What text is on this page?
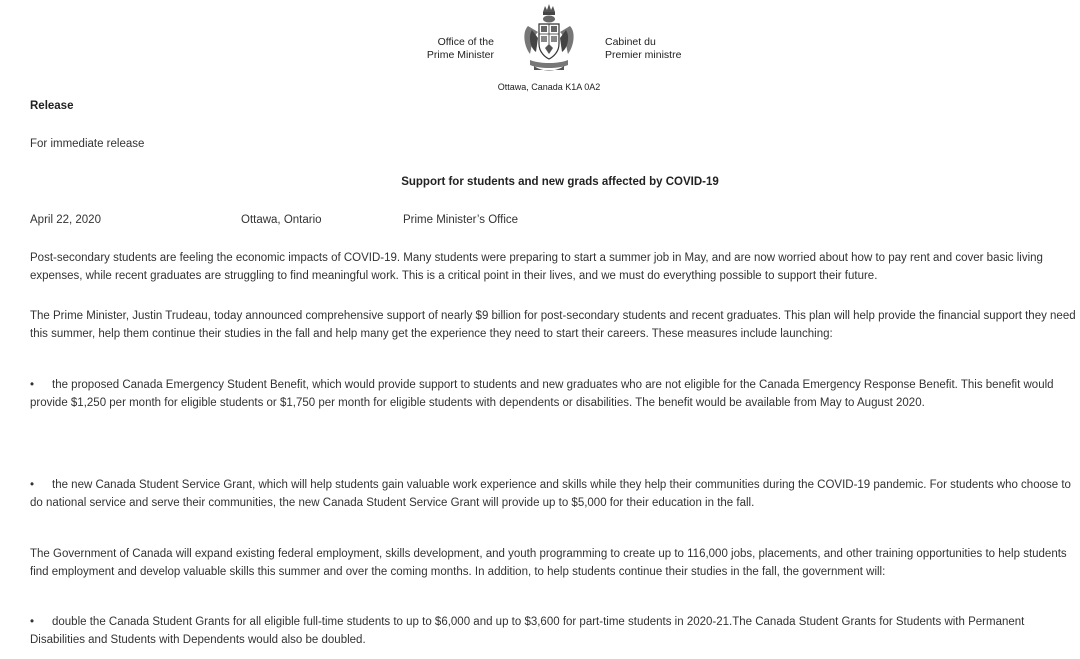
Office of the
Prime Minister
Cabinet du
Premier ministre
Ottawa, Canada K1A 0A2
Release
For immediate release
Support for students and new grads affected by COVID-19
April 22, 2020	Ottawa, Ontario	Prime Minister’s Office

Post-secondary students are feeling the economic impacts of COVID-19. Many students were preparing to start a summer job in May, and are now worried about how to pay rent and cover basic living expenses, while recent graduates are struggling to find meaningful work. This is a critical point in their lives, and we must do everything possible to support their future.

The Prime Minister, Justin Trudeau, today announced comprehensive support of nearly $9 billion for post-secondary students and recent graduates. This plan will help provide the financial support they need this summer, help them continue their studies in the fall and help many get the experience they need to start their careers. These measures include launching:

• the proposed Canada Emergency Student Benefit, which would provide support to students and new graduates who are not eligible for the Canada Emergency Response Benefit. This benefit would provide $1,250 per month for eligible students or $1,750 per month for eligible students with dependents or disabilities. The benefit would be available from May to August 2020.

• the new Canada Student Service Grant, which will help students gain valuable work experience and skills while they help their communities during the COVID-19 pandemic. For students who choose to do national service and serve their communities, the new Canada Student Service Grant will provide up to $5,000 for their education in the fall.

The Government of Canada will expand existing federal employment, skills development, and youth programming to create up to 116,000 jobs, placements, and other training opportunities to help students find employment and develop valuable skills this summer and over the coming months. In addition, to help students continue their studies in the fall, the government will:

• double the Canada Student Grants for all eligible full-time students to up to $6,000 and up to $3,600 for part-time students in 2020-21.The Canada Student Grants for Students with Permanent Disabilities and Students with Dependents would also be doubled.
